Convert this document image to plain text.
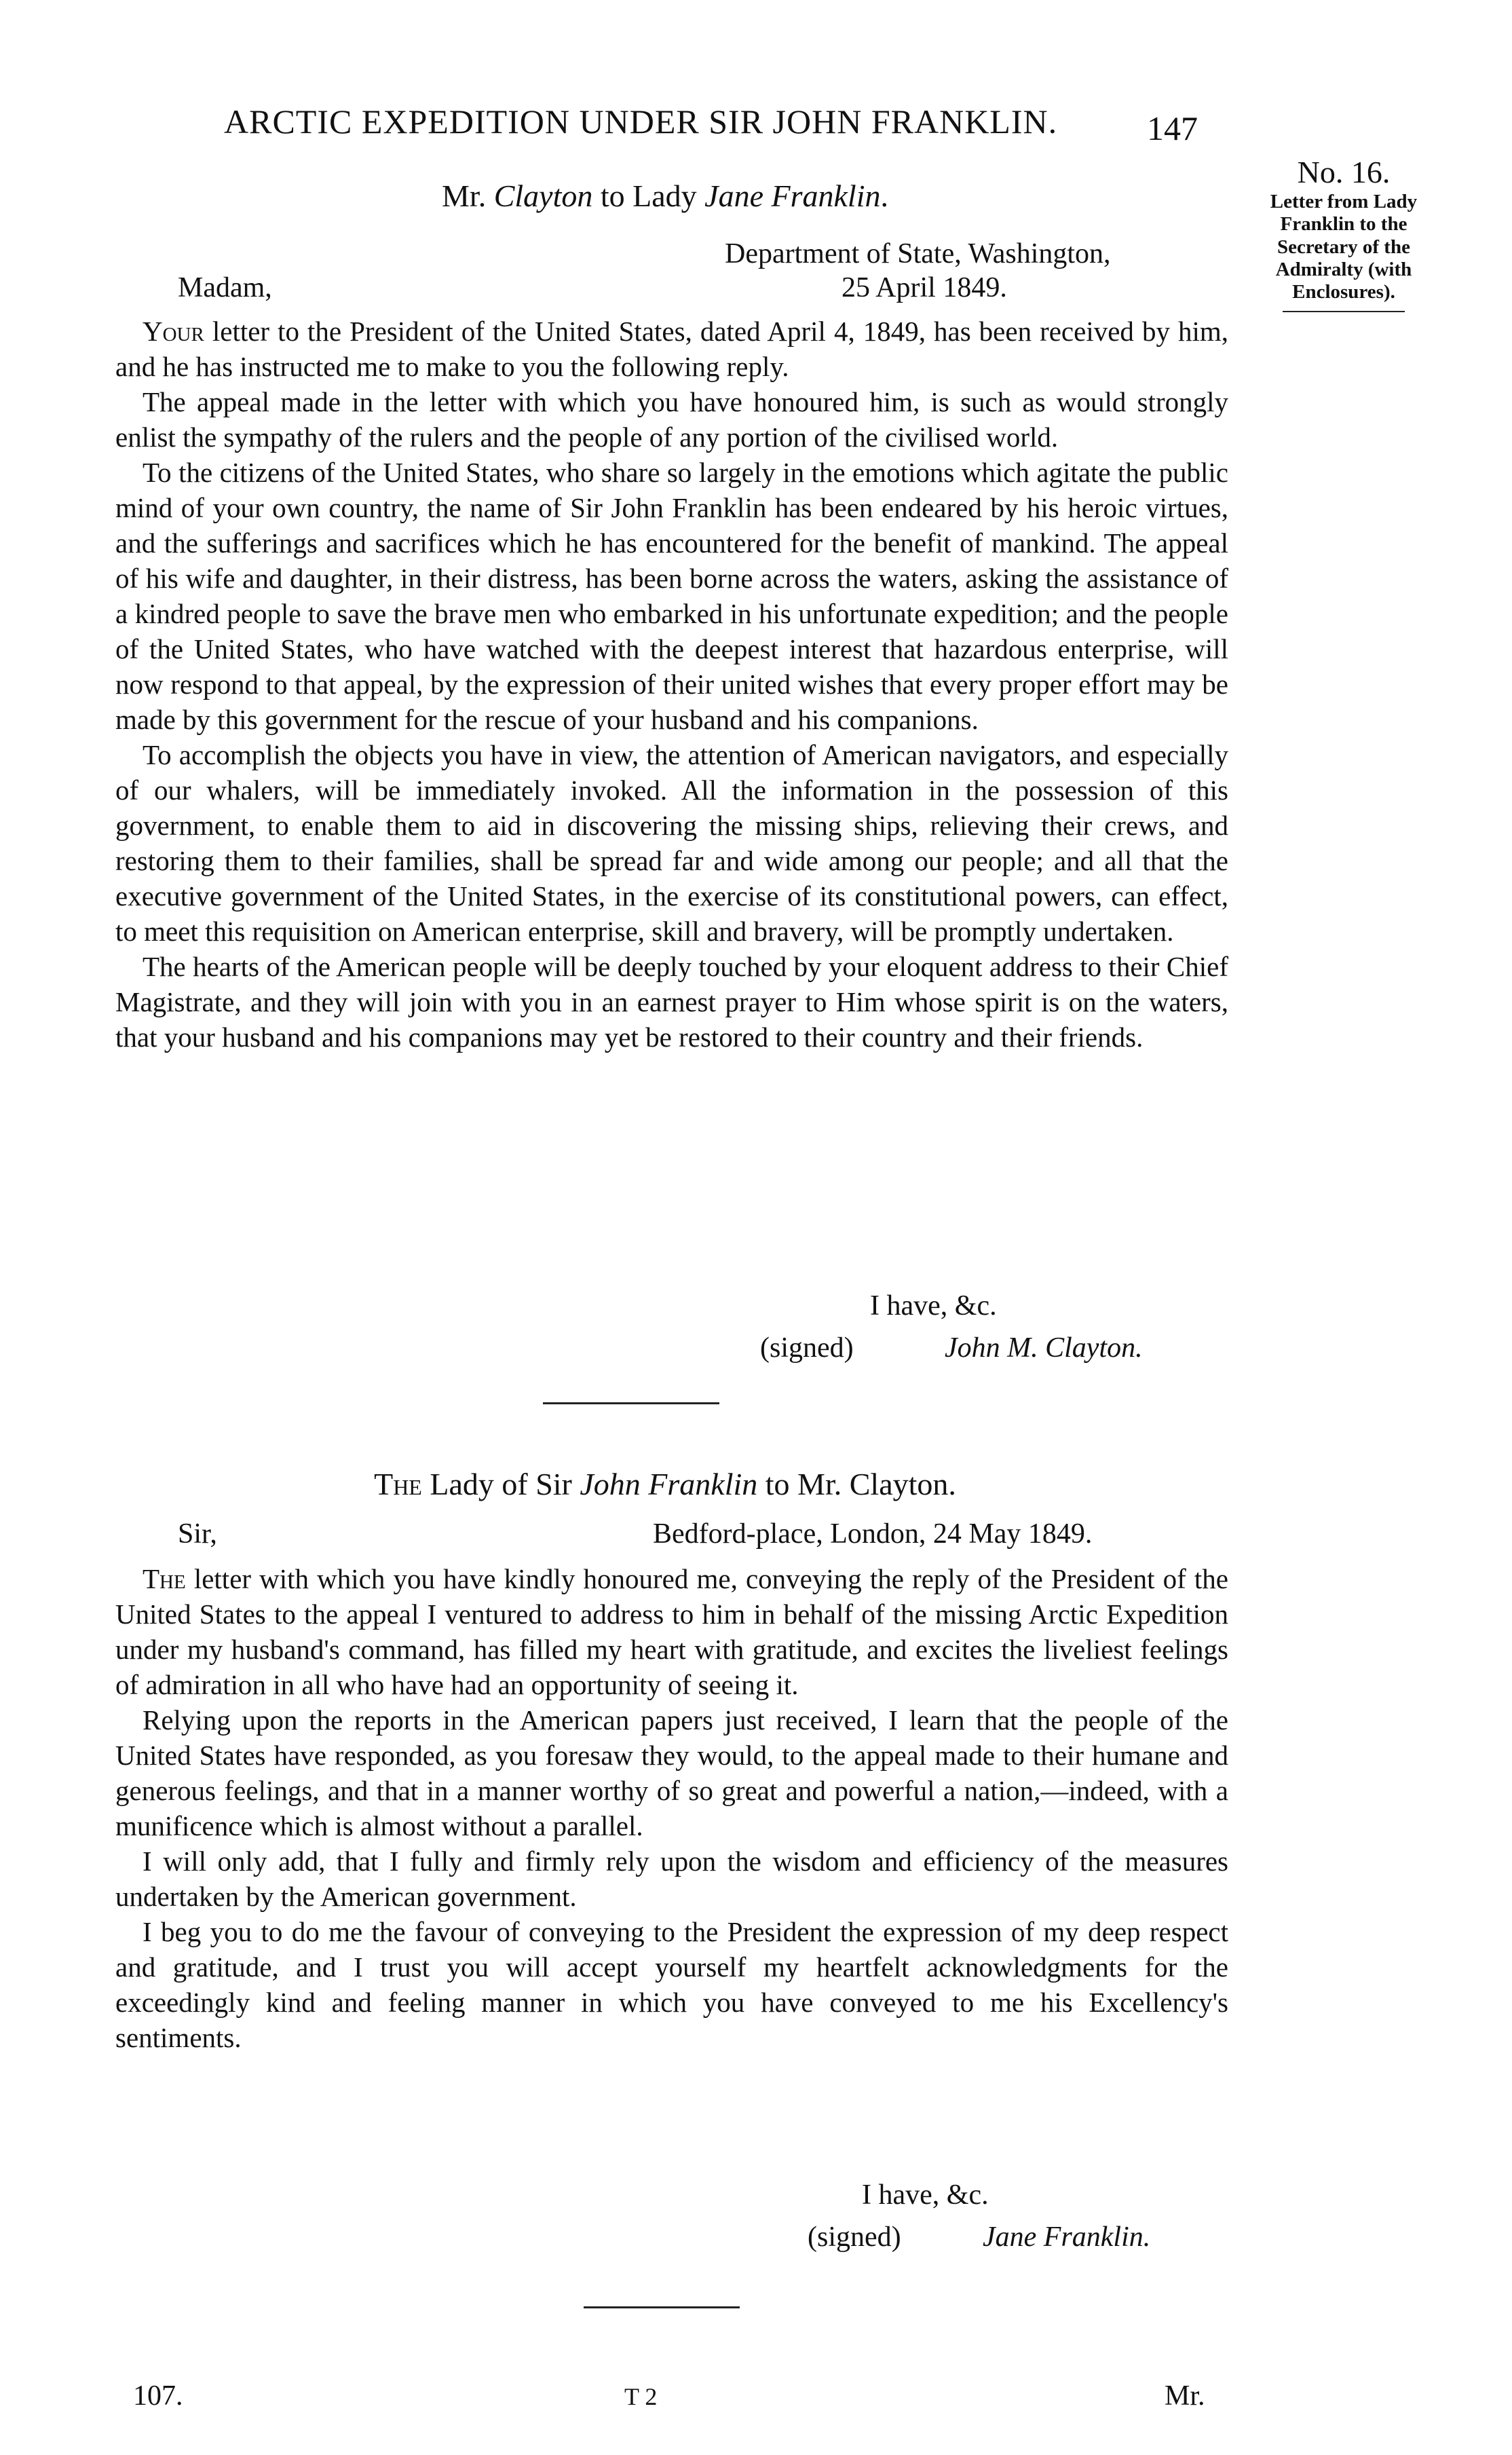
ARCTIC EXPEDITION UNDER SIR JOHN FRANKLIN.	147
No. 16.
Letter from Lady Franklin to the Secretary of the Admiralty (with Enclosures).
Mr. Clayton to Lady Jane Franklin.
Department of State, Washington,
Madam,	25 April 1849.

Your letter to the President of the United States, dated April 4, 1849, has been received by him, and he has instructed me to make to you the following reply.

The appeal made in the letter with which you have honoured him, is such as would strongly enlist the sympathy of the rulers and the people of any portion of the civilised world.

To the citizens of the United States, who share so largely in the emotions which agitate the public mind of your own country, the name of Sir John Franklin has been endeared by his heroic virtues, and the sufferings and sacrifices which he has encountered for the benefit of mankind. The appeal of his wife and daughter, in their distress, has been borne across the waters, asking the assistance of a kindred people to save the brave men who embarked in his unfortunate expedition; and the people of the United States, who have watched with the deepest interest that hazardous enterprise, will now respond to that appeal, by the expression of their united wishes that every proper effort may be made by this government for the rescue of your husband and his companions.

To accomplish the objects you have in view, the attention of American navigators, and especially of our whalers, will be immediately invoked. All the information in the possession of this government, to enable them to aid in discovering the missing ships, relieving their crews, and restoring them to their families, shall be spread far and wide among our people; and all that the executive government of the United States, in the exercise of its constitutional powers, can effect, to meet this requisition on American enterprise, skill and bravery, will be promptly undertaken.

The hearts of the American people will be deeply touched by your eloquent address to their Chief Magistrate, and they will join with you in an earnest prayer to Him whose spirit is on the waters, that your husband and his companions may yet be restored to their country and their friends.

I have, &c.
(signed)	John M. Clayton.
The Lady of Sir John Franklin to Mr. Clayton.
Sir,	Bedford-place, London, 24 May 1849.

The letter with which you have kindly honoured me, conveying the reply of the President of the United States to the appeal I ventured to address to him in behalf of the missing Arctic Expedition under my husband's command, has filled my heart with gratitude, and excites the liveliest feelings of admiration in all who have had an opportunity of seeing it.

Relying upon the reports in the American papers just received, I learn that the people of the United States have responded, as you foresaw they would, to the appeal made to their humane and generous feelings, and that in a manner worthy of so great and powerful a nation,—indeed, with a munificence which is almost without a parallel.

I will only add, that I fully and firmly rely upon the wisdom and efficiency of the measures undertaken by the American government.

I beg you to do me the favour of conveying to the President the expression of my deep respect and gratitude, and I trust you will accept yourself my heartfelt acknowledgments for the exceedingly kind and feeling manner in which you have conveyed to me his Excellency's sentiments.

I have, &c.
(signed)	Jane Franklin.
107.	T 2	Mr.
